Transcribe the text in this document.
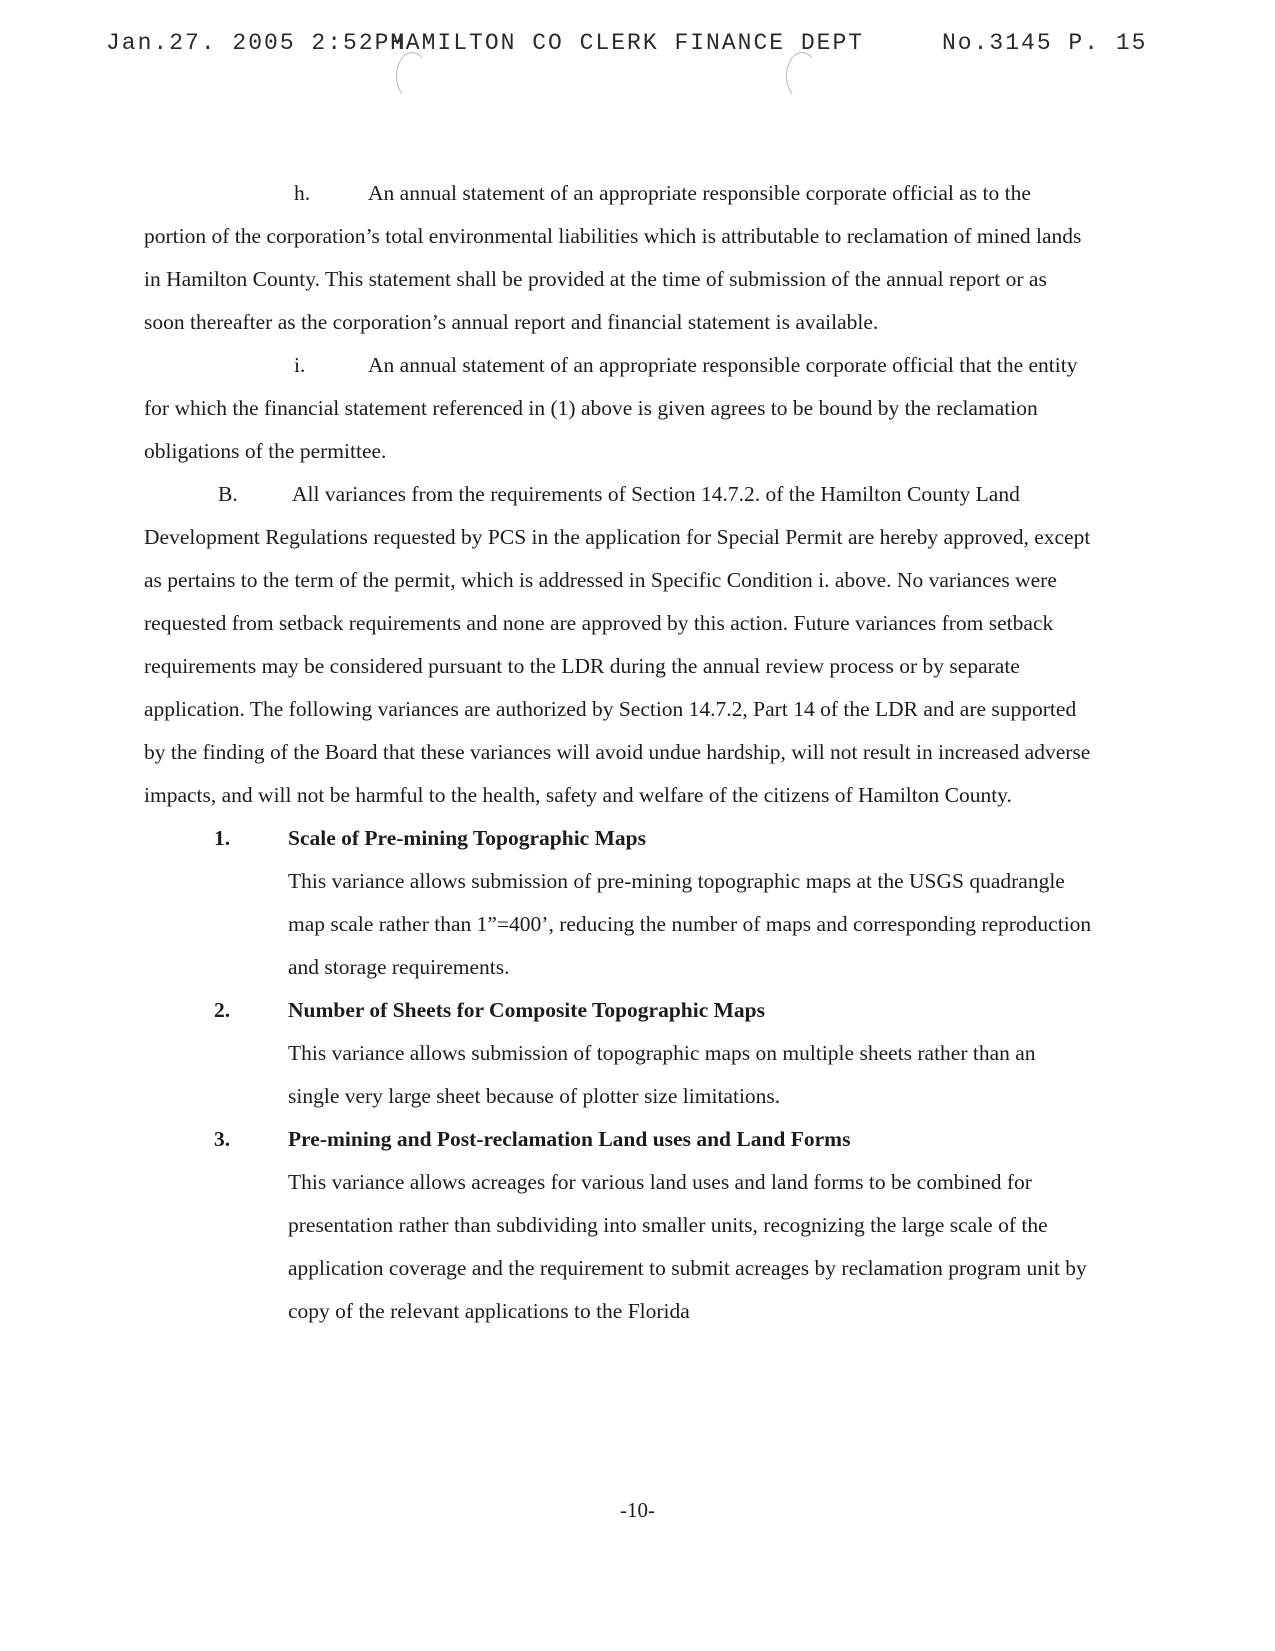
Jan.27. 2005 2:52PM
HAMILTON CO CLERK FINANCE DEPT	No.3145 P. 15

h.	An annual statement of an appropriate responsible corporate official as to the portion of the corporation’s total environmental liabilities which is attributable to reclamation of mined lands in Hamilton County. This statement shall be provided at the time of submission of the annual report or as soon thereafter as the corporation’s annual report and financial statement is available.

i.	An annual statement of an appropriate responsible corporate official that the entity for which the financial statement referenced in (1) above is given agrees to be bound by the reclamation obligations of the permittee.

B.	All variances from the requirements of Section 14.7.2. of the Hamilton County Land Development Regulations requested by PCS in the application for Special Permit are hereby approved, except as pertains to the term of the permit, which is addressed in Specific Condition i. above. No variances were requested from setback requirements and none are approved by this action. Future variances from setback requirements may be considered pursuant to the LDR during the annual review process or by separate application. The following variances are authorized by Section 14.7.2, Part 14 of the LDR and are supported by the finding of the Board that these variances will avoid undue hardship, will not result in increased adverse impacts, and will not be harmful to the health, safety and welfare of the citizens of Hamilton County.

1.	Scale of Pre-mining Topographic Maps
This variance allows submission of pre-mining topographic maps at the USGS quadrangle map scale rather than 1”=400’, reducing the number of maps and corresponding reproduction and storage requirements.
2.	Number of Sheets for Composite Topographic Maps
This variance allows submission of topographic maps on multiple sheets rather than an single very large sheet because of plotter size limitations.
3.	Pre-mining and Post-reclamation Land uses and Land Forms
This variance allows acreages for various land uses and land forms to be combined for presentation rather than subdividing into smaller units, recognizing the large scale of the application coverage and the requirement to submit acreages by reclamation program unit by copy of the relevant applications to the Florida
-10-
